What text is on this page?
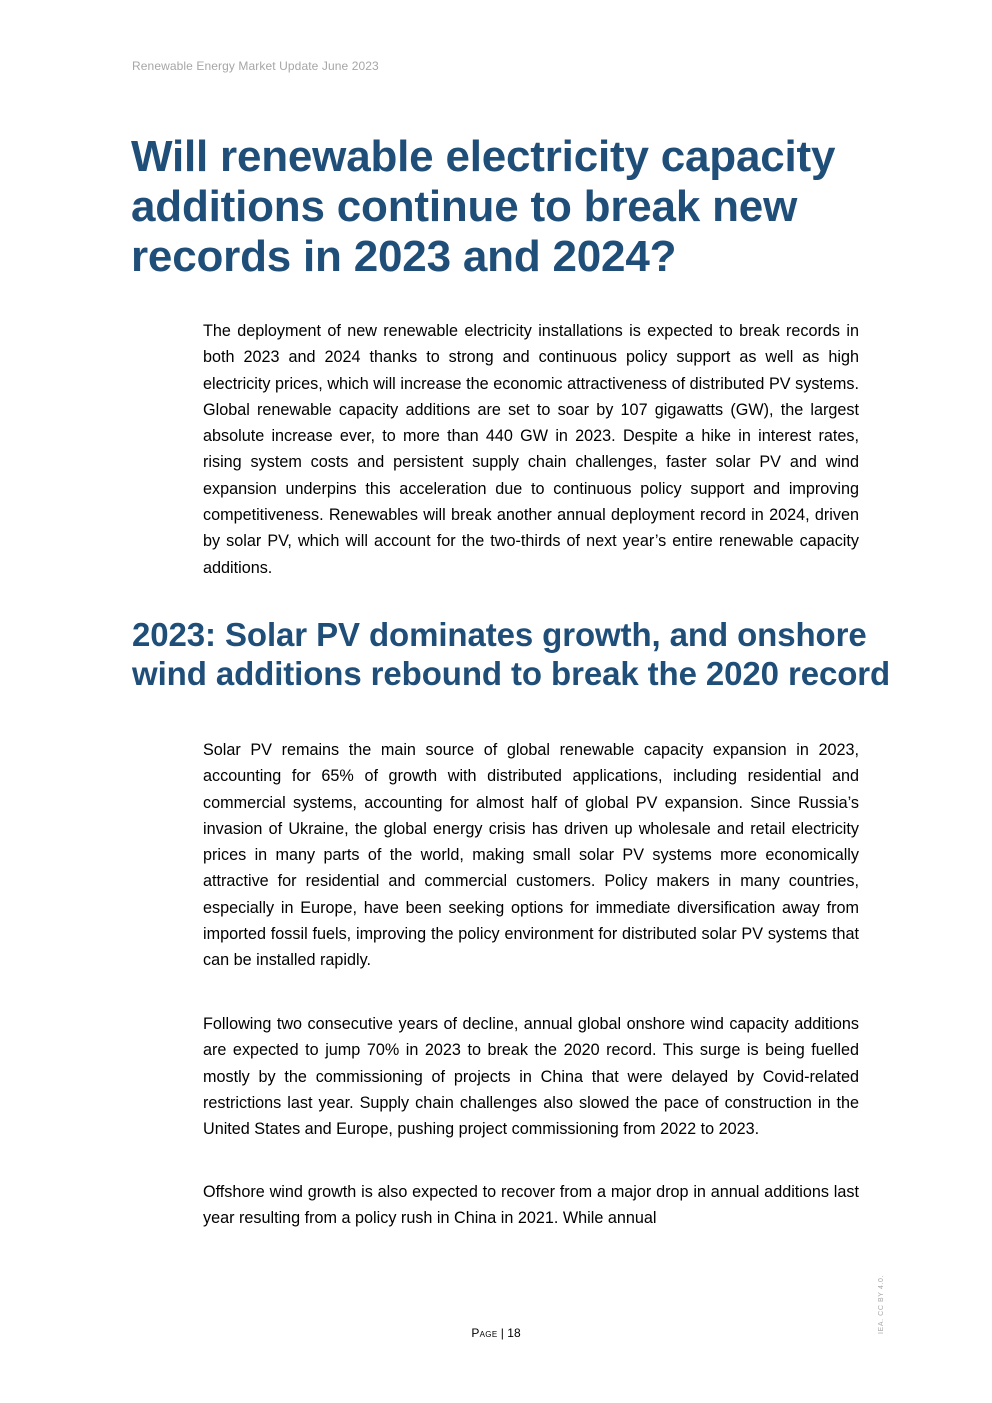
Renewable Energy Market Update June 2023
Will renewable electricity capacity additions continue to break new records in 2023 and 2024?

The deployment of new renewable electricity installations is expected to break records in both 2023 and 2024 thanks to strong and continuous policy support as well as high electricity prices, which will increase the economic attractiveness of distributed PV systems. Global renewable capacity additions are set to soar by 107 gigawatts (GW), the largest absolute increase ever, to more than 440 GW in 2023. Despite a hike in interest rates, rising system costs and persistent supply chain challenges, faster solar PV and wind expansion underpins this acceleration due to continuous policy support and improving competitiveness. Renewables will break another annual deployment record in 2024, driven by solar PV, which will account for the two-thirds of next year’s entire renewable capacity additions.

2023: Solar PV dominates growth, and onshore wind additions rebound to break the 2020 record

Solar PV remains the main source of global renewable capacity expansion in 2023, accounting for 65% of growth with distributed applications, including residential and commercial systems, accounting for almost half of global PV expansion. Since Russia’s invasion of Ukraine, the global energy crisis has driven up wholesale and retail electricity prices in many parts of the world, making small solar PV systems more economically attractive for residential and commercial customers. Policy makers in many countries, especially in Europe, have been seeking options for immediate diversification away from imported fossil fuels, improving the policy environment for distributed solar PV systems that can be installed rapidly.

Following two consecutive years of decline, annual global onshore wind capacity additions are expected to jump 70% in 2023 to break the 2020 record. This surge is being fuelled mostly by the commissioning of projects in China that were delayed by Covid-related restrictions last year. Supply chain challenges also slowed the pace of construction in the United States and Europe, pushing project commissioning from 2022 to 2023.

Offshore wind growth is also expected to recover from a major drop in annual additions last year resulting from a policy rush in China in 2021. While annual

Page | 18	IEA. CC BY 4.0.
